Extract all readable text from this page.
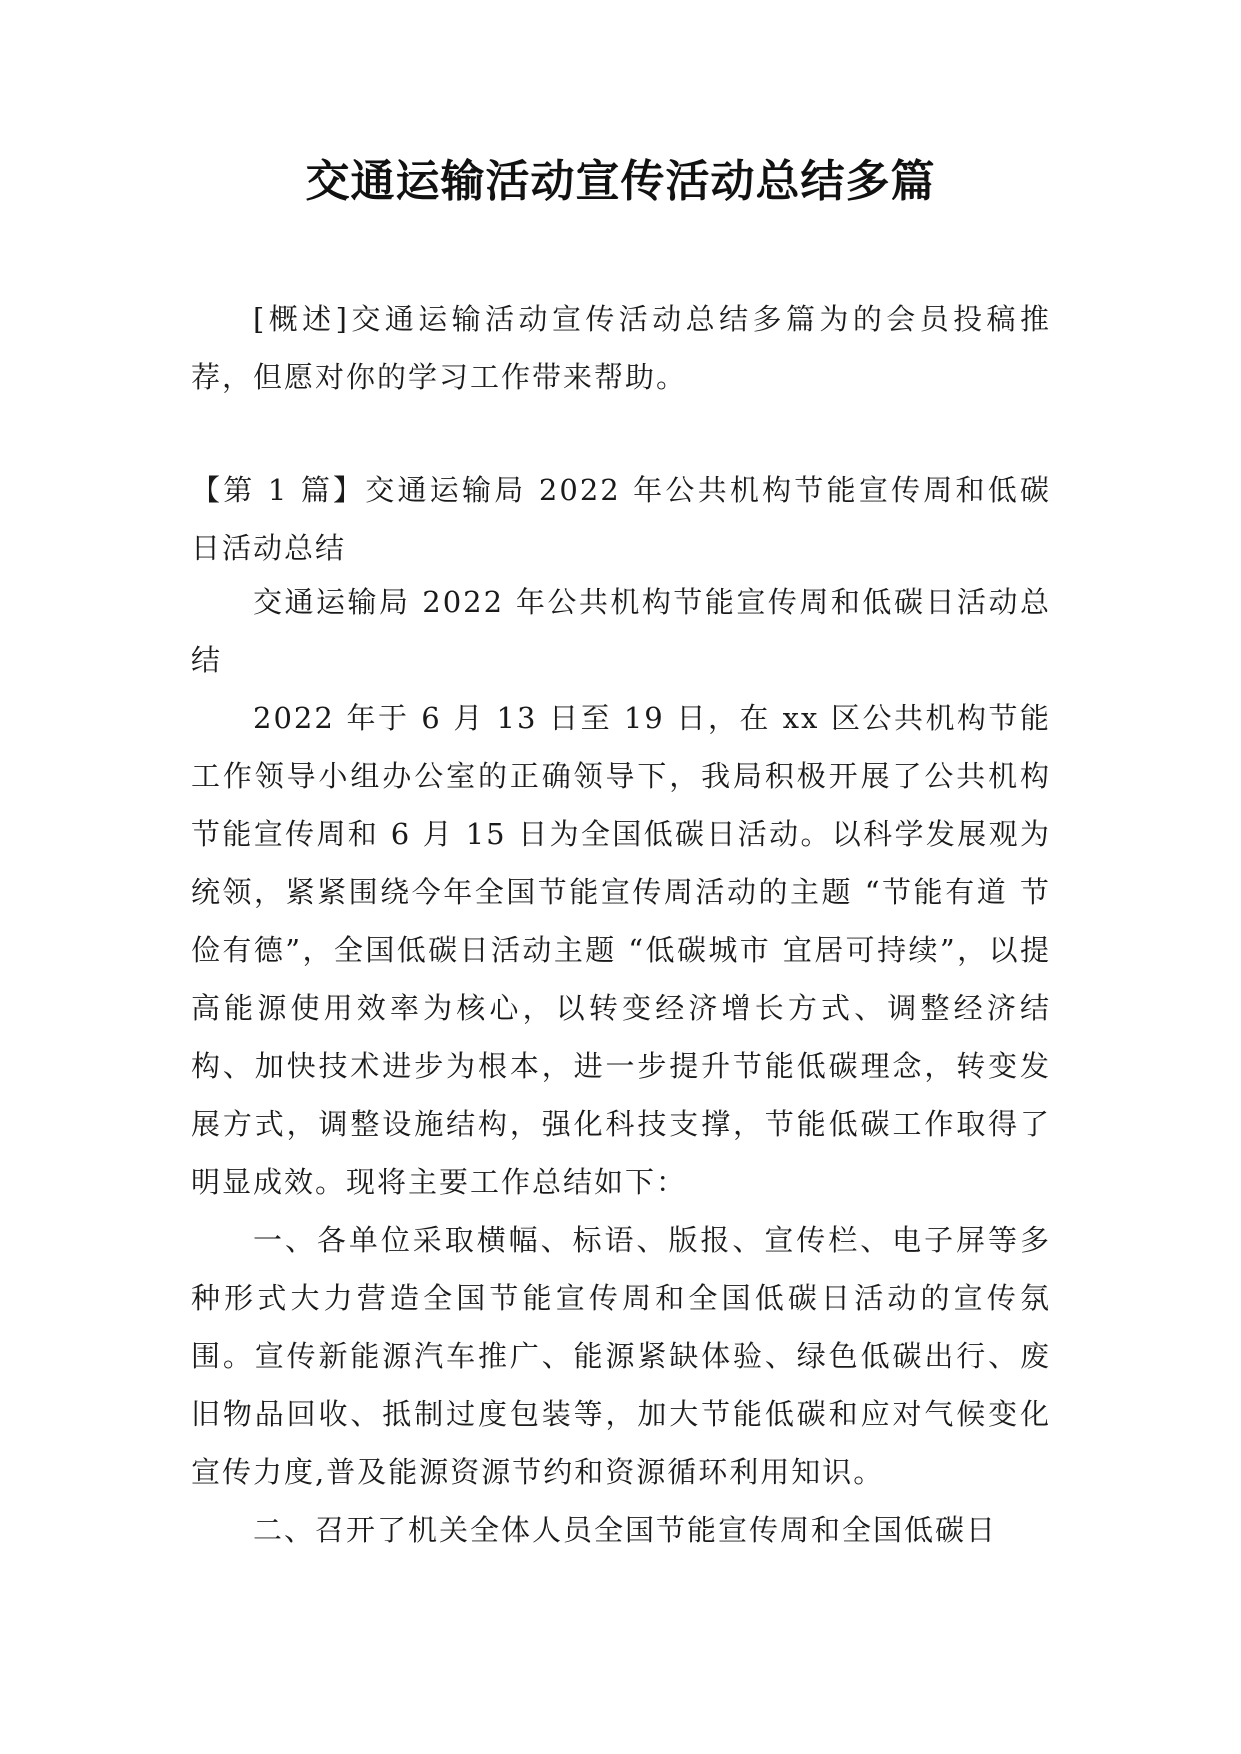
交通运输活动宣传活动总结多篇

[概述]交通运输活动宣传活动总结多篇为的会员投稿推荐，但愿对你的学习工作带来帮助。

【第 1 篇】交通运输局 2022 年公共机构节能宣传周和低碳日活动总结

交通运输局 2022 年公共机构节能宣传周和低碳日活动总结

2022 年于 6 月 13 日至 19 日，在 xx 区公共机构节能工作领导小组办公室的正确领导下，我局积极开展了公共机构节能宣传周和 6 月 15 日为全国低碳日活动。以科学发展观为统领，紧紧围绕今年全国节能宣传周活动的主题 “节能有道 节俭有德”，全国低碳日活动主题 “低碳城市 宜居可持续”，以提高能源使用效率为核心，以转变经济增长方式、调整经济结构、加快技术进步为根本，进一步提升节能低碳理念，转变发展方式，调整设施结构，强化科技支撑，节能低碳工作取得了明显成效。现将主要工作总结如下：

一、各单位采取横幅、标语、版报、宣传栏、电子屏等多种形式大力营造全国节能宣传周和全国低碳日活动的宣传氛围。宣传新能源汽车推广、能源紧缺体验、绿色低碳出行、废旧物品回收、抵制过度包装等，加大节能低碳和应对气候变化宣传力度,普及能源资源节约和资源循环利用知识。

二、召开了机关全体人员全国节能宣传周和全国低碳日
